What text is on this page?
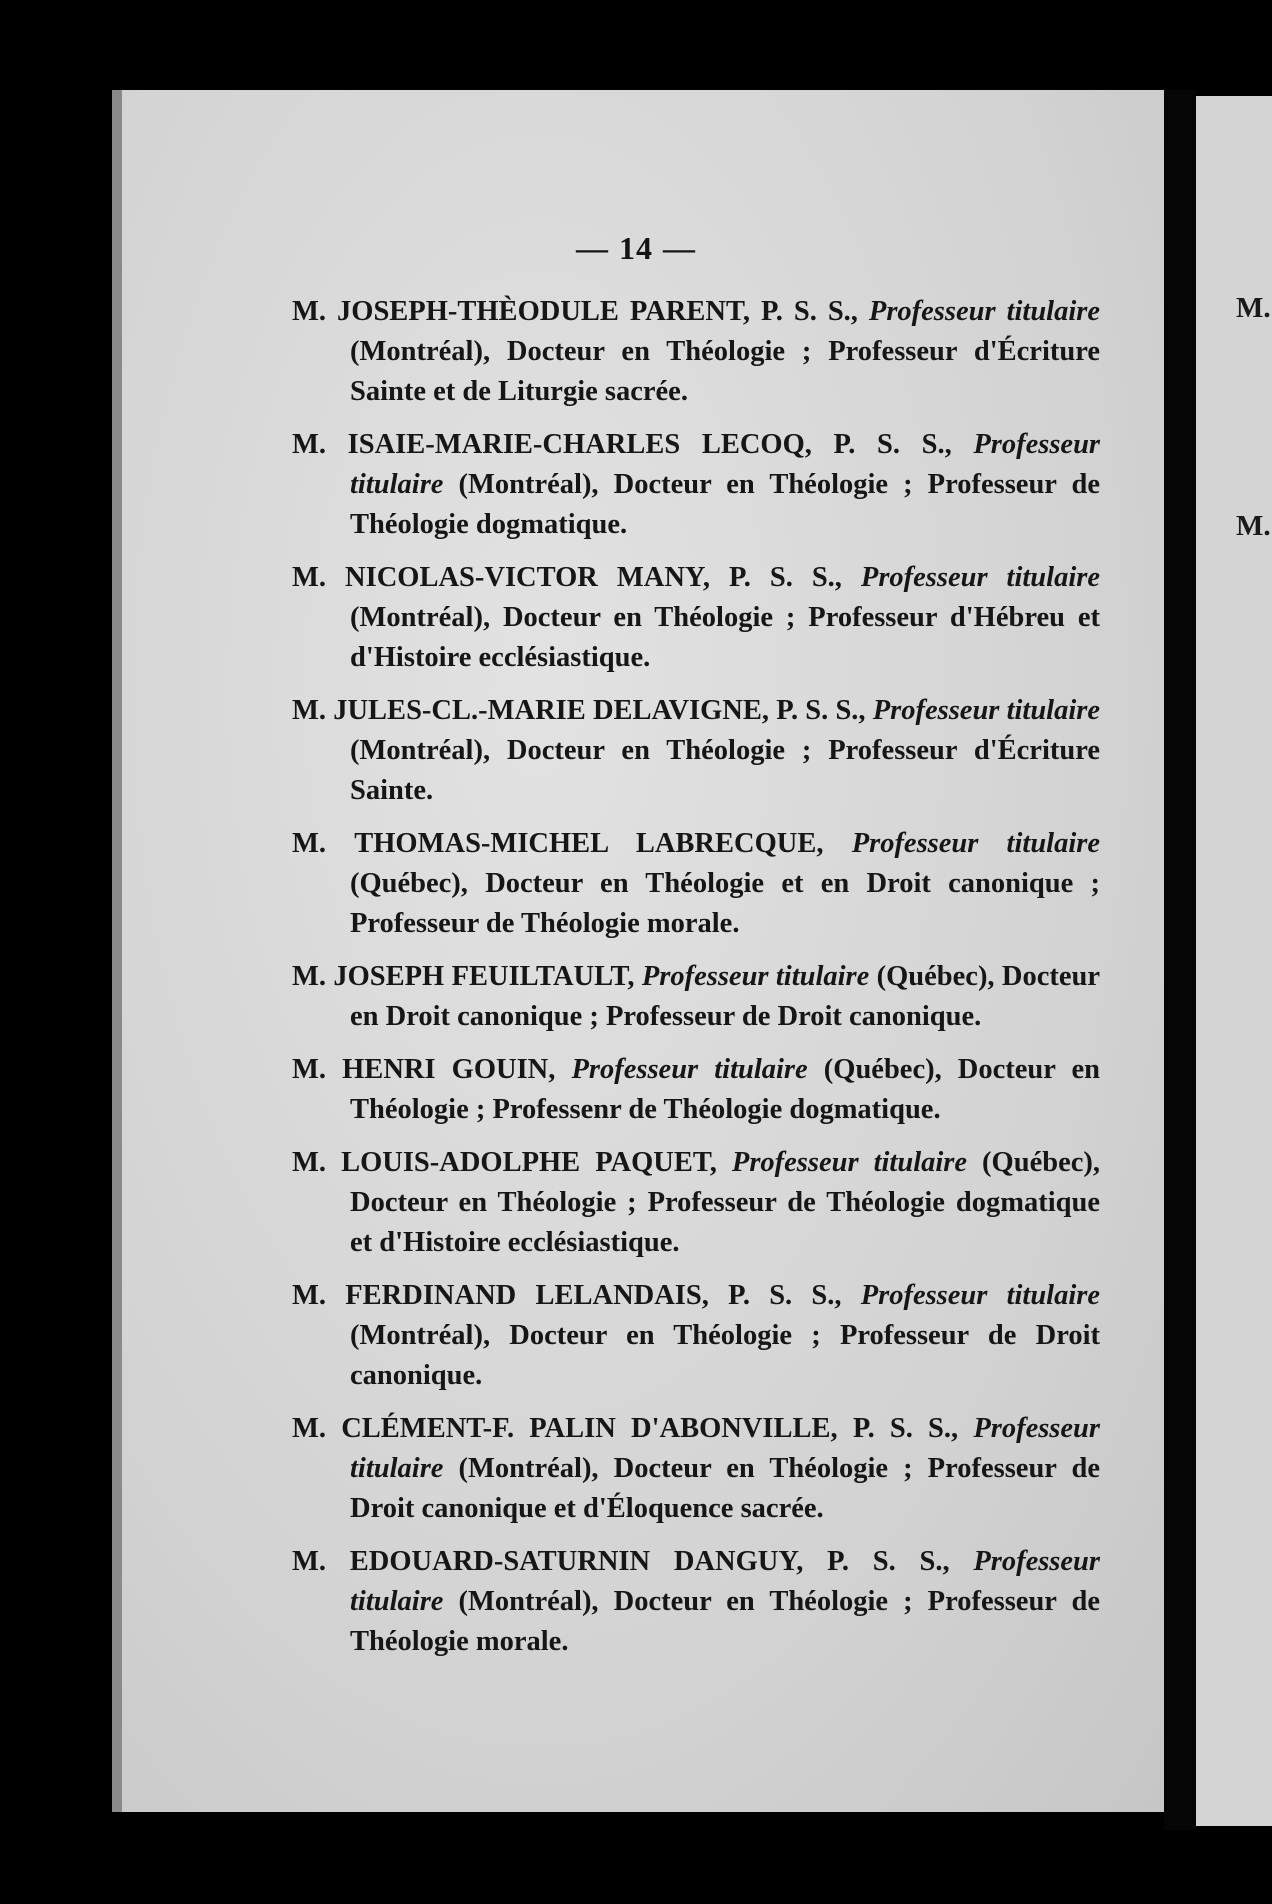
M.
M.
— 14 —

M. JOSEPH-THÈODULE PARENT, P. S. S., Professeur titulaire (Montréal), Docteur en Théologie ; Professeur d'Écriture Sainte et de Liturgie sacrée.

M. ISAIE-MARIE-CHARLES LECOQ, P. S. S., Professeur titulaire (Montréal), Docteur en Théologie ; Professeur de Théologie dogmatique.

M. NICOLAS-VICTOR MANY, P. S. S., Professeur titulaire (Montréal), Docteur en Théologie ; Professeur d'Hébreu et d'Histoire ecclésiastique.

M. JULES-CL.-MARIE DELAVIGNE, P. S. S., Professeur titulaire (Montréal), Docteur en Théologie ; Professeur d'Écriture Sainte.

M. THOMAS-MICHEL LABRECQUE, Professeur titulaire (Québec), Docteur en Théologie et en Droit canonique ; Professeur de Théologie morale.

M. JOSEPH FEUILTAULT, Professeur titulaire (Québec), Docteur en Droit canonique ; Professeur de Droit canonique.

M. HENRI GOUIN, Professeur titulaire (Québec), Docteur en Théologie ; Professenr de Théologie dogmatique.

M. LOUIS-ADOLPHE PAQUET, Professeur titulaire (Québec), Docteur en Théologie ; Professeur de Théologie dogmatique et d'Histoire ecclésiastique.

M. FERDINAND LELANDAIS, P. S. S., Professeur titulaire (Montréal), Docteur en Théologie ; Professeur de Droit canonique.

M. CLÉMENT-F. PALIN D'ABONVILLE, P. S. S., Professeur titulaire (Montréal), Docteur en Théologie ; Professeur de Droit canonique et d'Éloquence sacrée.

M. EDOUARD-SATURNIN DANGUY, P. S. S., Professeur titulaire (Montréal), Docteur en Théologie ; Professeur de Théologie morale.
